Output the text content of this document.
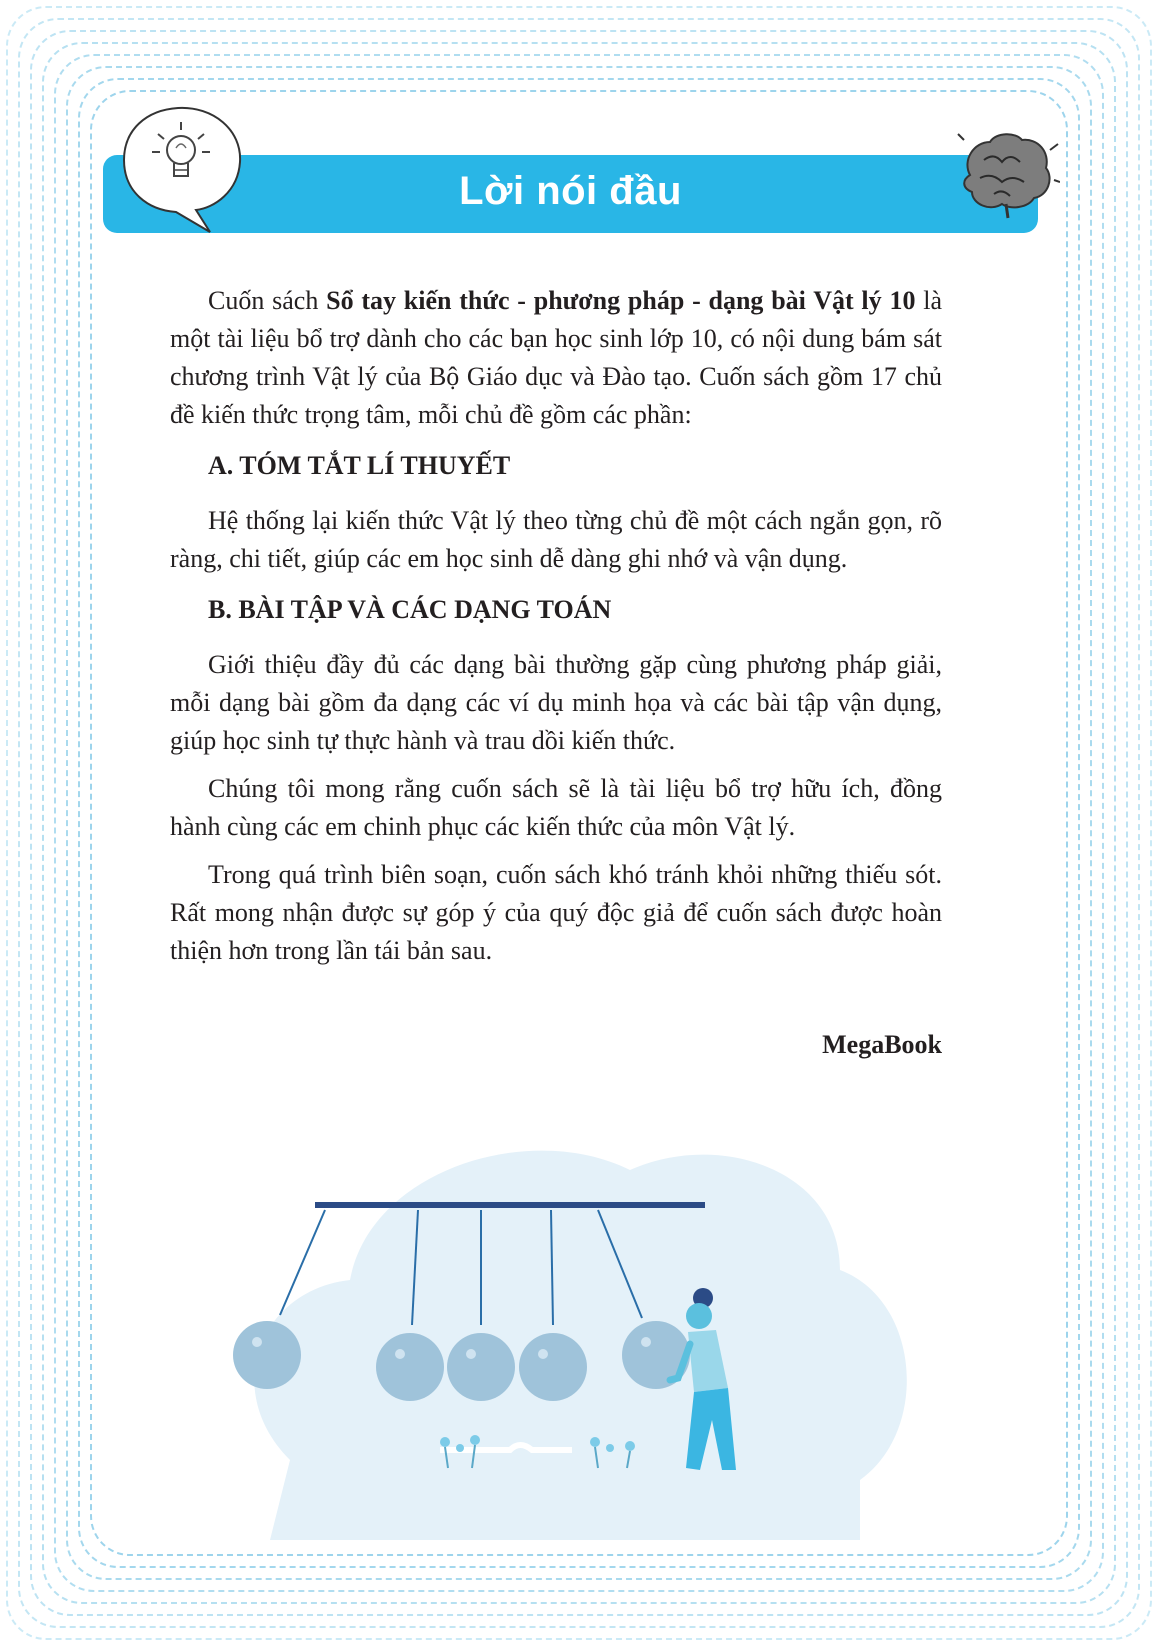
Lời nói đầu

Cuốn sách Sổ tay kiến thức - phương pháp - dạng bài Vật lý 10 là một tài liệu bổ trợ dành cho các bạn học sinh lớp 10, có nội dung bám sát chương trình Vật lý của Bộ Giáo dục và Đào tạo. Cuốn sách gồm 17 chủ đề kiến thức trọng tâm, mỗi chủ đề gồm các phần:

A. TÓM TẮT LÍ THUYẾT

Hệ thống lại kiến thức Vật lý theo từng chủ đề một cách ngắn gọn, rõ ràng, chi tiết, giúp các em học sinh dễ dàng ghi nhớ và vận dụng.

B. BÀI TẬP VÀ CÁC DẠNG TOÁN

Giới thiệu đầy đủ các dạng bài thường gặp cùng phương pháp giải, mỗi dạng bài gồm đa dạng các ví dụ minh họa và các bài tập vận dụng, giúp học sinh tự thực hành và trau dồi kiến thức.

Chúng tôi mong rằng cuốn sách sẽ là tài liệu bổ trợ hữu ích, đồng hành cùng các em chinh phục các kiến thức của môn Vật lý.

Trong quá trình biên soạn, cuốn sách khó tránh khỏi những thiếu sót. Rất mong nhận được sự góp ý của quý độc giả để cuốn sách được hoàn thiện hơn trong lần tái bản sau.

MegaBook
